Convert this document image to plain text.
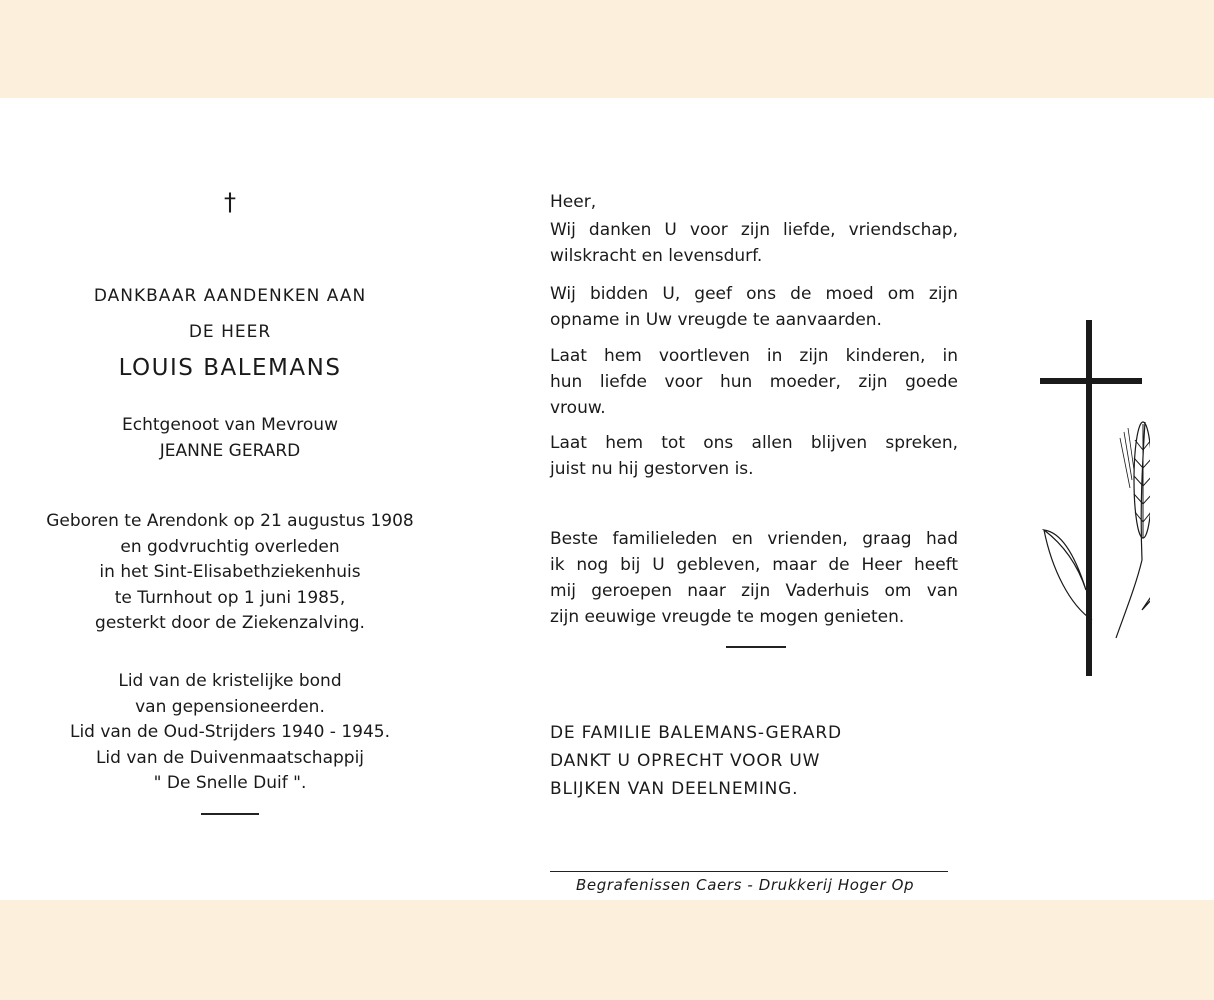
†
DANKBAAR AANDENKEN AAN
DE HEER
LOUIS BALEMANS
Echtgenoot van Mevrouw
JEANNE GERARD
Geboren te Arendonk op 21 augustus 1908
en godvruchtig overleden
in het Sint-Elisabethziekenhuis
te Turnhout op 1 juni 1985,
gesterkt door de Ziekenzalving.
Lid van de kristelijke bond
van gepensioneerden.
Lid van de Oud-Strijders 1940 - 1945.
Lid van de Duivenmaatschappij
" De Snelle Duif ".
Heer,
Wij danken U voor zijn liefde, vriendschap,
wilskracht en levensdurf.
Wij bidden U, geef ons de moed om zijn
opname in Uw vreugde te aanvaarden.
Laat hem voortleven in zijn kinderen, in
hun liefde voor hun moeder, zijn goede
vrouw.
Laat hem tot ons allen blijven spreken,
juist nu hij gestorven is.
Beste familieleden en vrienden, graag had
ik nog bij U gebleven, maar de Heer heeft
mij geroepen naar zijn Vaderhuis om van
zijn eeuwige vreugde te mogen genieten.
DE FAMILIE BALEMANS-GERARD
DANKT U OPRECHT VOOR UW
BLIJKEN VAN DEELNEMING.
Begrafenissen Caers - Drukkerij Hoger Op
